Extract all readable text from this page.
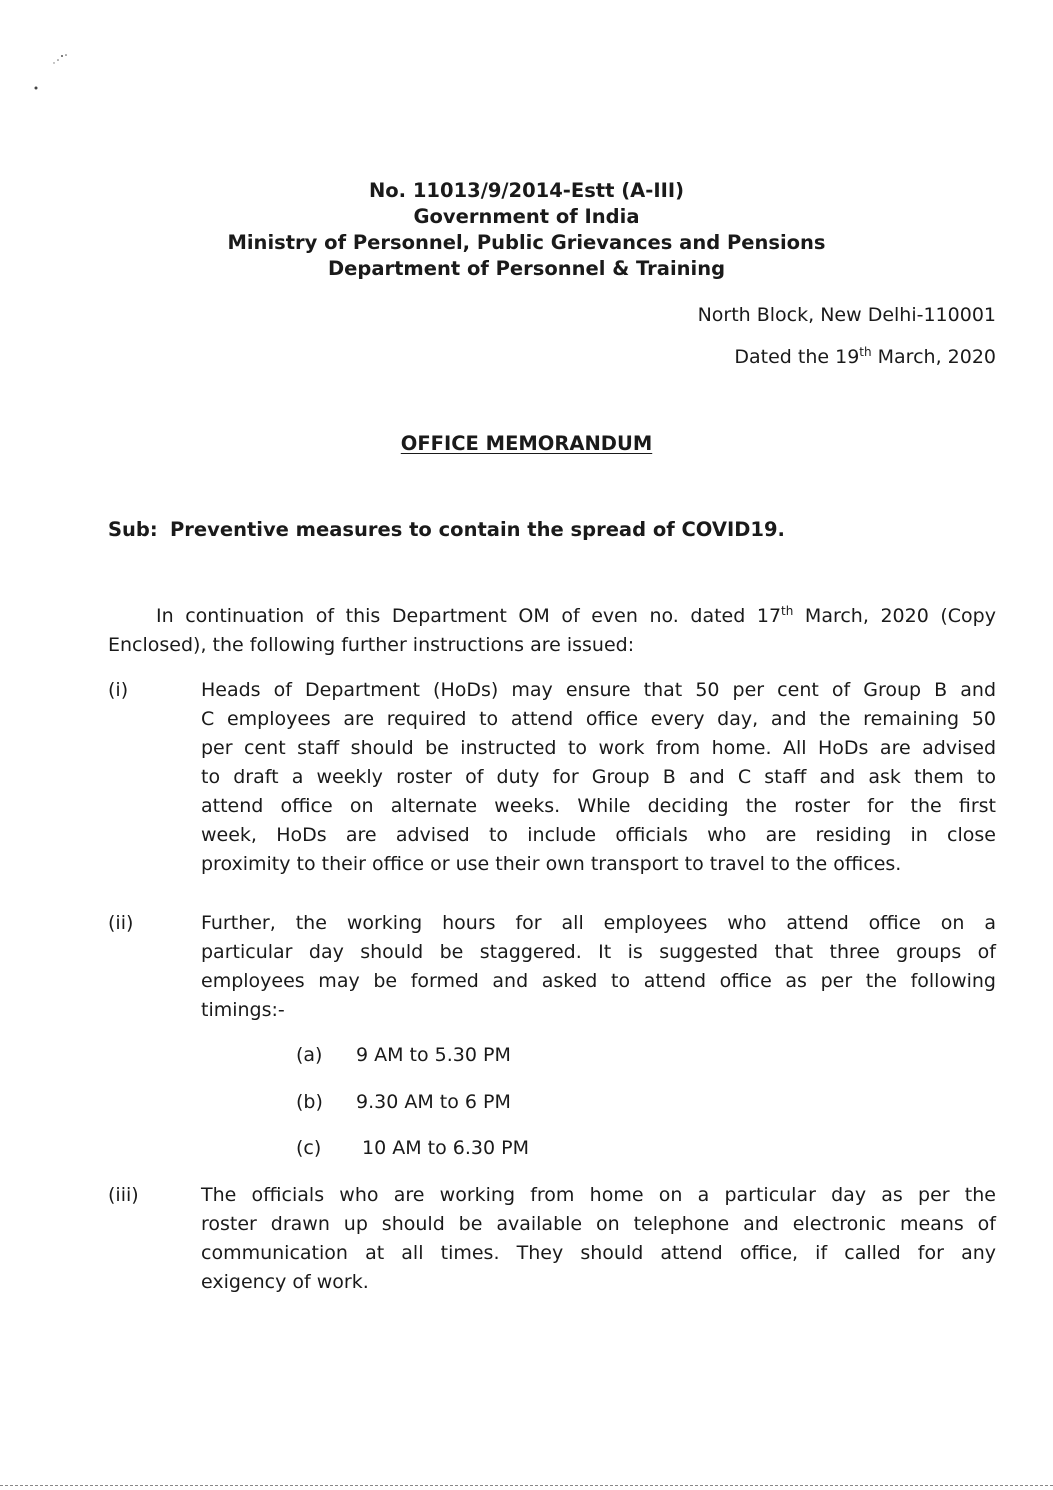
No. 11013/9/2014-Estt (A-III)
Government of India
Ministry of Personnel, Public Grievances and Pensions
Department of Personnel & Training
North Block, New Delhi-110001
Dated the 19th March, 2020
OFFICE MEMORANDUM
Sub: Preventive measures to contain the spread of COVID19.
In continuation of this Department OM of even no. dated 17th March, 2020 (Copy Enclosed), the following further instructions are issued:
(i)	Heads of Department (HoDs) may ensure that 50 per cent of Group B and
C employees are required to attend office every day, and the remaining 50
per cent staff should be instructed to work from home. All HoDs are advised
to draft a weekly roster of duty for Group B and C staff and ask them to
attend office on alternate weeks. While deciding the roster for the first
week, HoDs are advised to include officials who are residing in close
proximity to their office or use their own transport to travel to the offices.
(ii)	Further, the working hours for all employees who attend office on a
particular day should be staggered. It is suggested that three groups of
employees may be formed and asked to attend office as per the following
timings:-
(a) 9 AM to 5.30 PM
(b) 9.30 AM to 6 PM
(c) 10 AM to 6.30 PM
(iii)	The officials who are working from home on a particular day as per the
roster drawn up should be available on telephone and electronic means of
communication at all times. They should attend office, if called for any
exigency of work.
